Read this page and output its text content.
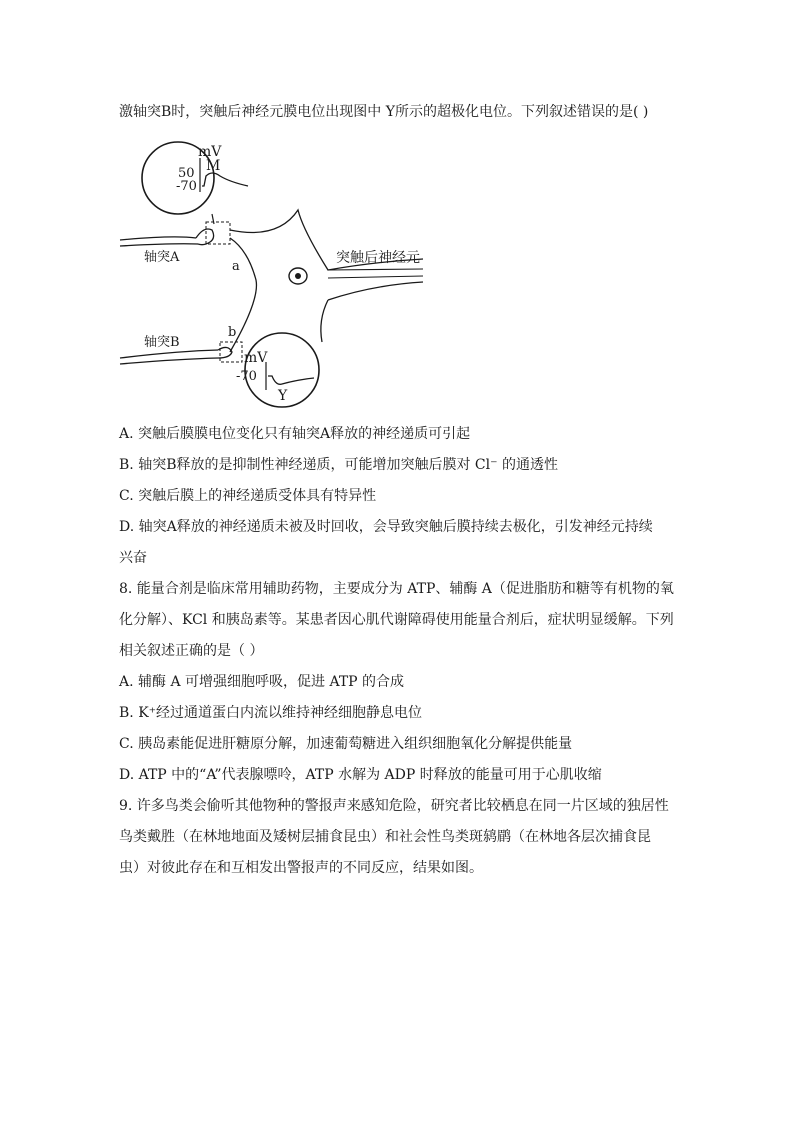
激轴突B时，突触后神经元膜电位出现图中 Y所示的超极化电位。下列叙述错误的是( )
mV
M
50
-70
轴突A
a
突触后神经元
轴突B
b
mV
-70
Y
A. 突触后膜膜电位变化只有轴突A释放的神经递质可引起
B. 轴突B释放的是抑制性神经递质，可能增加突触后膜对 Cl⁻ 的通透性
C. 突触后膜上的神经递质受体具有特异性
D. 轴突A释放的神经递质未被及时回收，会导致突触后膜持续去极化，引发神经元持续
兴奋
8. 能量合剂是临床常用辅助药物，主要成分为 ATP、辅酶 A（促进脂肪和糖等有机物的氧
化分解）、KCl 和胰岛素等。某患者因心肌代谢障碍使用能量合剂后，症状明显缓解。下列
相关叙述正确的是（ ）
A. 辅酶 A 可增强细胞呼吸，促进 ATP 的合成
B. K⁺经过通道蛋白内流以维持神经细胞静息电位
C. 胰岛素能促进肝糖原分解，加速葡萄糖进入组织细胞氧化分解提供能量
D. ATP 中的“A”代表腺嘌呤，ATP 水解为 ADP 时释放的能量可用于心肌收缩
9. 许多鸟类会偷听其他物种的警报声来感知危险，研究者比较栖息在同一片区域的独居性
鸟类戴胜（在林地地面及矮树层捕食昆虫）和社会性鸟类斑鸫鹛（在林地各层次捕食昆
虫）对彼此存在和互相发出警报声的不同反应，结果如图。
